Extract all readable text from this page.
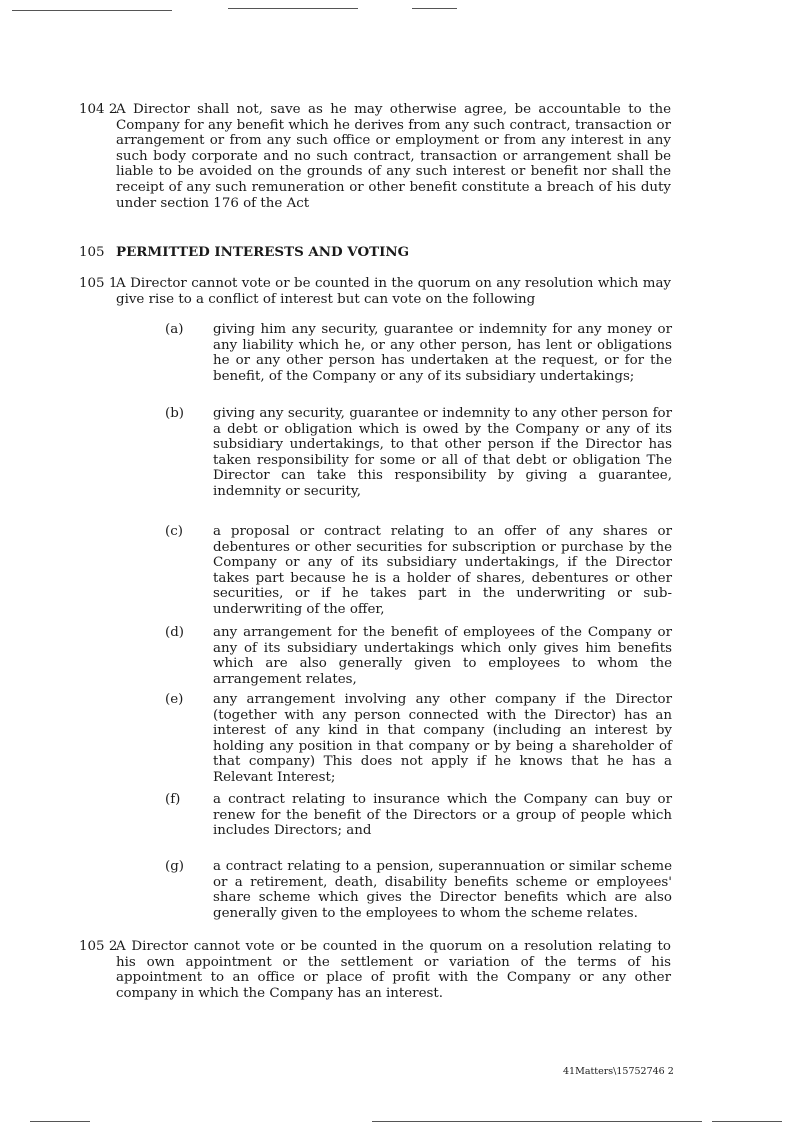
104 2
A Director shall not, save as he may otherwise agree, be accountable to the Company for any benefit which he derives from any such contract, transaction or arrangement or from any such office or employment or from any interest in any such body corporate and no such contract, transaction or arrangement shall be liable to be avoided on the grounds of any such interest or benefit nor shall the receipt of any such remuneration or other benefit constitute a breach of his duty under section 176 of the Act
105 PERMITTED INTERESTS AND VOTING
105 1
A Director cannot vote or be counted in the quorum on any resolution which may give rise to a conflict of interest but can vote on the following
(a) giving him any security, guarantee or indemnity for any money or any liability which he, or any other person, has lent or obligations he or any other person has undertaken at the request, or for the benefit, of the Company or any of its subsidiary undertakings;
(b) giving any security, guarantee or indemnity to any other person for a debt or obligation which is owed by the Company or any of its subsidiary undertakings, to that other person if the Director has taken responsibility for some or all of that debt or obligation The Director can take this responsibility by giving a guarantee, indemnity or security,
(c) a proposal or contract relating to an offer of any shares or debentures or other securities for subscription or purchase by the Company or any of its subsidiary undertakings, if the Director takes part because he is a holder of shares, debentures or other securities, or if he takes part in the underwriting or sub-underwriting of the offer,
(d) any arrangement for the benefit of employees of the Company or any of its subsidiary undertakings which only gives him benefits which are also generally given to employees to whom the arrangement relates,
(e) any arrangement involving any other company if the Director (together with any person connected with the Director) has an interest of any kind in that company (including an interest by holding any position in that company or by being a shareholder of that company) This does not apply if he knows that he has a Relevant Interest;
(f) a contract relating to insurance which the Company can buy or renew for the benefit of the Directors or a group of people which includes Directors; and
(g) a contract relating to a pension, superannuation or similar scheme or a retirement, death, disability benefits scheme or employees' share scheme which gives the Director benefits which are also generally given to the employees to whom the scheme relates.
105 2
A Director cannot vote or be counted in the quorum on a resolution relating to his own appointment or the settlement or variation of the terms of his appointment to an office or place of profit with the Company or any other company in which the Company has an interest.
41Matters\15752746 2
